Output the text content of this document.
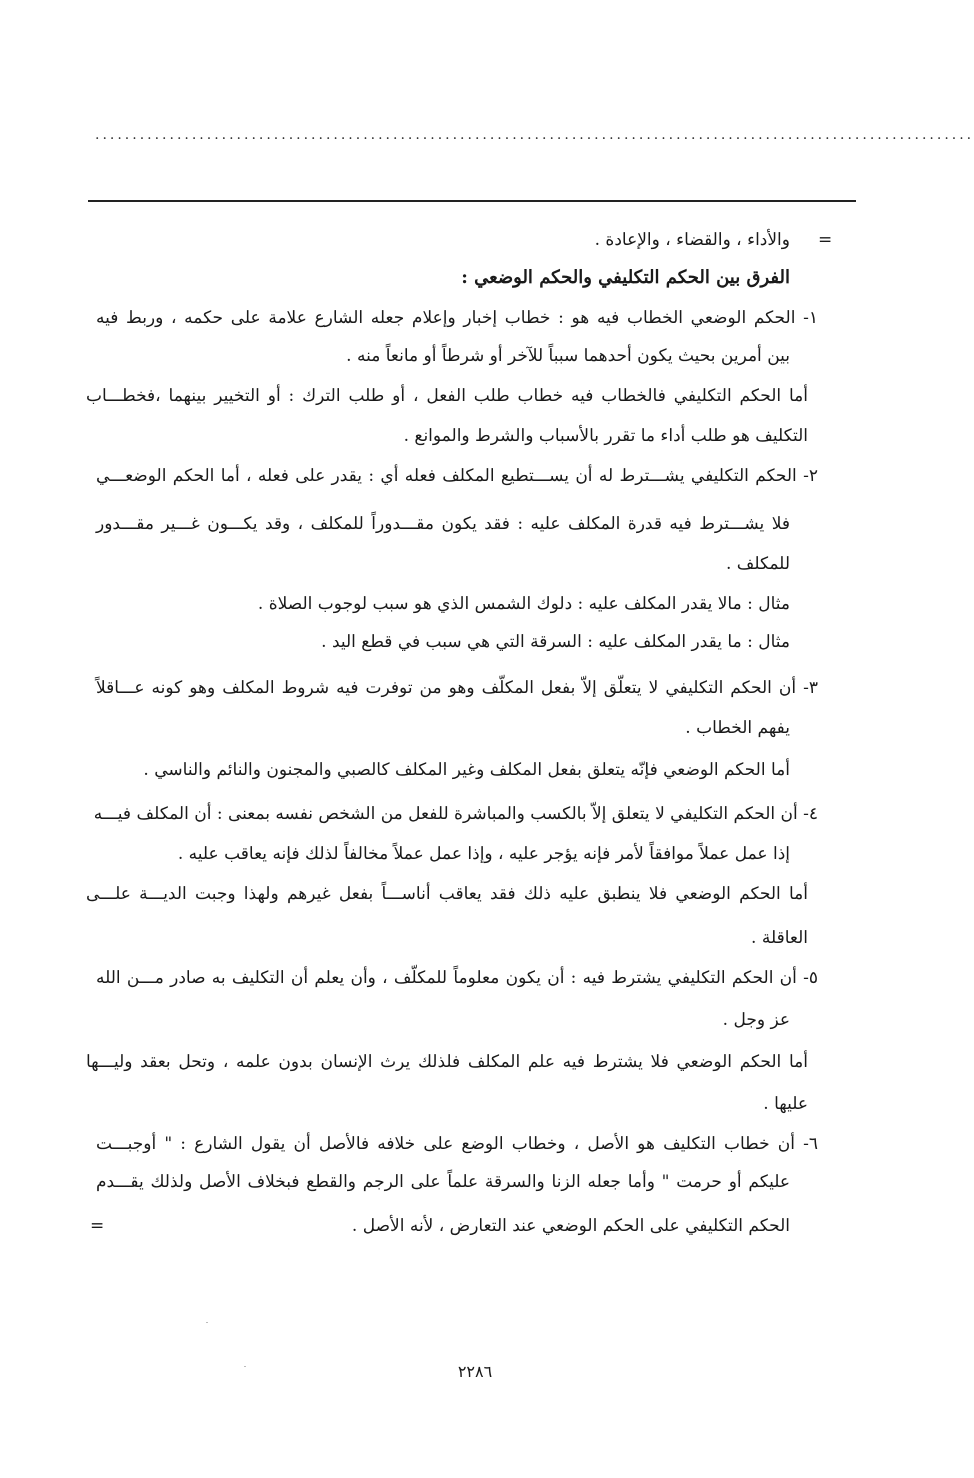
......................................................................................................................
=
والأداء ، والقضاء ، والإعادة .
الفرق بين الحكم التكليفي والحكم الوضعي :
١- الحكم الوضعي الخطاب فيه هو : خطاب إخبار وإعلام جعله الشارع علامة على حكمه ، وربط فيه
بين أمرين بحيث يكون أحدهما سبباً للآخر أو شرطاً أو مانعاً منه .
أما الحكم التكليفي فالخطاب فيه خطاب طلب الفعل ، أو طلب الترك : أو التخيير بينهما ،فخطـــاب
التكليف هو طلب أداء ما تقرر بالأسباب والشرط والموانع .
٢- الحكم التكليفي يشـــترط له أن يســـتطيع المكلف فعله أي : يقدر على فعله ، أما الحكم الوضعـــي
فلا يشـــترط فيه قدرة المكلف عليه : فقد يكون مقـــدوراً للمكلف ، وقد يكـــون غـــير مقـــدور
للمكلف .
مثال : مالا يقدر المكلف عليه : دلوك الشمس الذي هو سبب لوجوب الصلاة .
مثال : ما يقدر المكلف عليه : السرقة التي هي سبب في قطع اليد .
٣- أن الحكم التكليفي لا يتعلّق إلاّ بفعل المكلّف وهو من توفرت فيه شروط المكلف وهو كونه عـــاقلاً
يفهم الخطاب .
أما الحكم الوضعي فإنّه يتعلق بفعل المكلف وغير المكلف كالصبي والمجنون والنائم والناسي .
٤- أن الحكم التكليفي لا يتعلق إلاّ بالكسب والمباشرة للفعل من الشخص نفسه بمعنى : أن المكلف فيـــه
إذا عمل عملاً موافقاً لأمر فإنه يؤجر عليه ، وإذا عمل عملاً مخالفاً لذلك فإنه يعاقب عليه .
أما الحكم الوضعي فلا ينطبق عليه ذلك فقد يعاقب أناســـاً بفعل غيرهم ولهذا وجبت الديـــة علـــى
العاقلة .
٥- أن الحكم التكليفي يشترط فيه : أن يكون معلوماً للمكلّف ، وأن يعلم أن التكليف به صادر مـــن الله
عز وجل .
أما الحكم الوضعي فلا يشترط فيه علم المكلف فلذلك يرث الإنسان بدون علمه ، وتحل بعقد وليـــها
عليها .
٦- أن خطاب التكليف هو الأصل ، وخطاب الوضع على خلافه فالأصل أن يقول الشارع : " أوجبـــت
عليكم أو حرمت " وأما جعله الزنا والسرقة علماً على الرجم والقطع فبخلاف الأصل ولذلك يقـــدم
الحكم التكليفي على الحكم الوضعي عند التعارض ، لأنه الأصل .
=
٢٢٨٦
